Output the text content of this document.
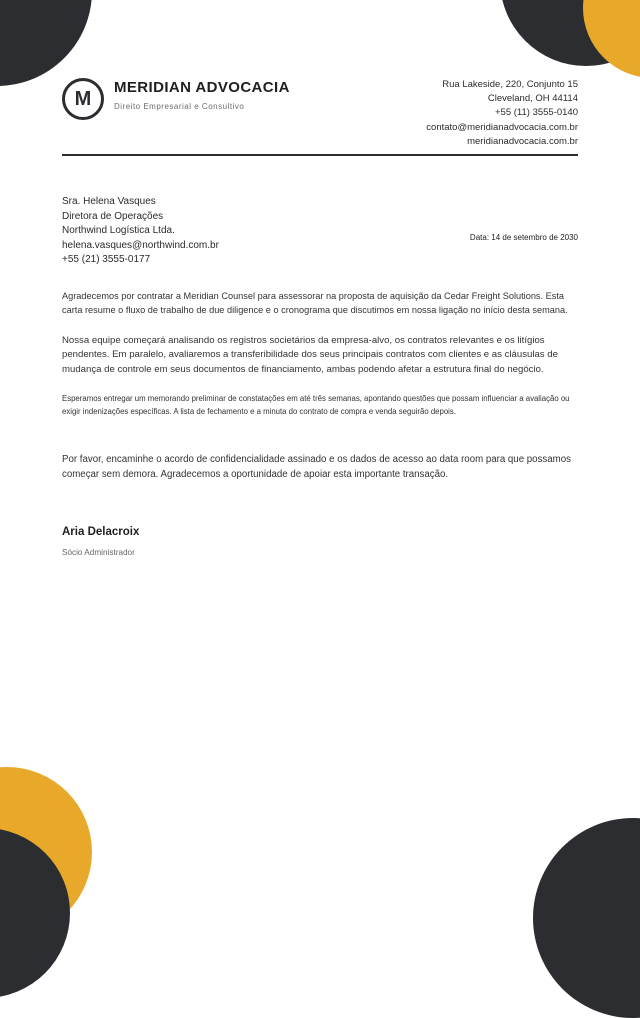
M MERIDIAN ADVOCACIA
Direito Empresarial e Consultivo
Rua Lakeside, 220, Conjunto 15
Cleveland, OH 44114
+55 (11) 3555-0140
contato@meridianadvocacia.com.br
meridianadvocacia.com.br
Sra. Helena Vasques
Diretora de Operações
Northwind Logística Ltda.
helena.vasques@northwind.com.br
+55 (21) 3555-0177
Data: 14 de setembro de 2030

Agradecemos por contratar a Meridian Counsel para assessorar na proposta de aquisição da Cedar Freight Solutions. Esta carta resume o fluxo de trabalho de due diligence e o cronograma que discutimos em nossa ligação no início desta semana.

Nossa equipe começará analisando os registros societários da empresa-alvo, os contratos relevantes e os litígios pendentes. Em paralelo, avaliaremos a transferibilidade dos seus principais contratos com clientes e as cláusulas de mudança de controle em seus documentos de financiamento, ambas podendo afetar a estrutura final do negócio.

Esperamos entregar um memorando preliminar de constatações em até três semanas, apontando questões que possam influenciar a avaliação ou exigir indenizações específicas. A lista de fechamento e a minuta do contrato de compra e venda seguirão depois.

Por favor, encaminhe o acordo de confidencialidade assinado e os dados de acesso ao data room para que possamos começar sem demora. Agradecemos a oportunidade de apoiar esta importante transação.

Aria Delacroix
Sócio Administrador
